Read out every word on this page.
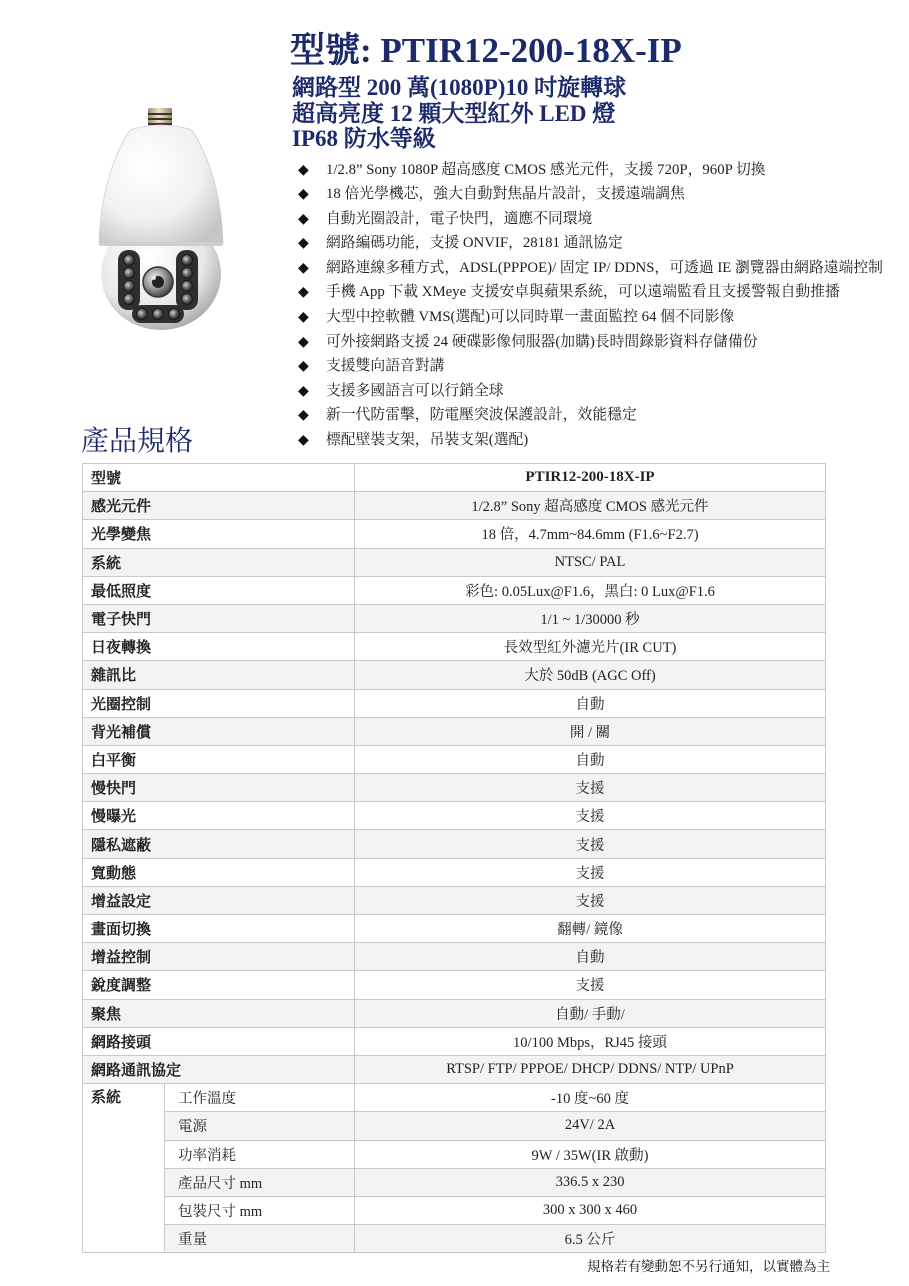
型號: PTIR12-200-18X-IP
網路型 200 萬(1080P)10 吋旋轉球
超高亮度 12 顆大型紅外 LED 燈
IP68 防水等級
◆
1/2.8” Sony 1080P 超高感度 CMOS 感光元件，支援 720P，960P 切換
◆
18 倍光學機芯，強大自動對焦晶片設計，支援遠端調焦
◆
自動光圈設計，電子快門，適應不同環境
◆
網路編碼功能，支援 ONVIF，28181 通訊協定
◆
網路連線多種方式，ADSL(PPPOE)/ 固定 IP/ DDNS，可透過 IE 瀏覽器由網路遠端控制
◆
手機 App 下載 XMeye 支援安卓與蘋果系統，可以遠端監看且支援警報自動推播
◆
大型中控軟體 VMS(選配)可以同時單一畫面監控 64 個不同影像
◆
可外接網路支援 24 硬碟影像伺服器(加購)長時間錄影資料存儲備份
◆
支援雙向語音對講
◆
支援多國語言可以行銷全球
◆
新一代防雷擊，防電壓突波保護設計，效能穩定
◆
標配壁裝支架，吊裝支架(選配)
產品規格
型號	PTIR12-200-18X-IP
感光元件	1/2.8” Sony 超高感度 CMOS 感光元件
光學變焦	18 倍，4.7mm~84.6mm (F1.6~F2.7)
系統	NTSC/ PAL
最低照度	彩色: 0.05Lux@F1.6，黑白: 0 Lux@F1.6
電子快門	1/1 ~ 1/30000 秒
日夜轉換	長效型紅外濾光片(IR CUT)
雜訊比	大於 50dB (AGC Off)
光圈控制	自動
背光補償	開 / 關
白平衡	自動
慢快門	支援
慢曝光	支援
隱私遮蔽	支援
寬動態	支援
增益設定	支援
畫面切換	翻轉/ 鏡像
增益控制	自動
銳度調整	支援
聚焦	自動/ 手動/
網路接頭	10/100 Mbps，RJ45 接頭
網路通訊協定	RTSP/ FTP/ PPPOE/ DHCP/ DDNS/ NTP/ UPnP
系統	工作溫度	-10 度~60 度
電源	24V/ 2A
功率消耗	9W / 35W(IR 啟動)
產品尺寸 mm	336.5 x 230
包裝尺寸 mm	300 x 300 x 460
重量	6.5 公斤

規格若有變動恕不另行通知，以實體為主
